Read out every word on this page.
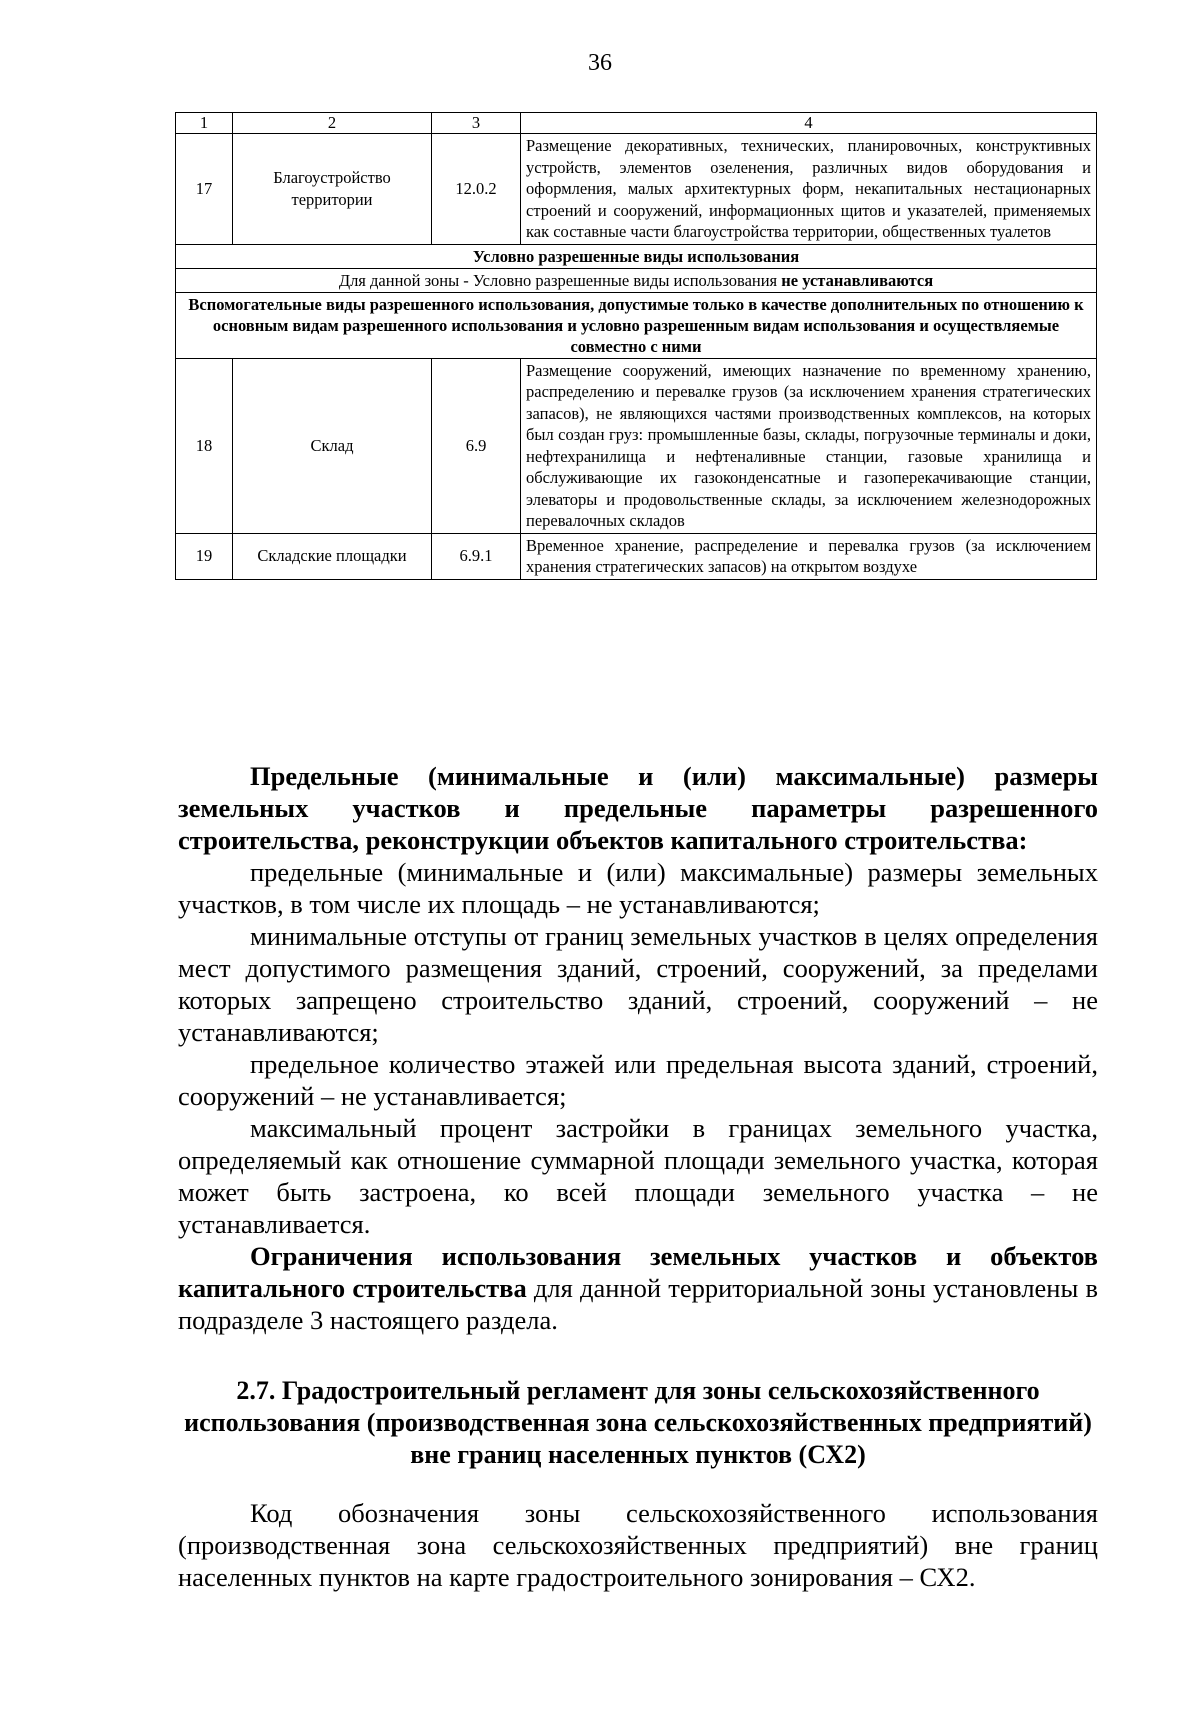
36
1	2	3	4
17	Благоустройство территории	12.0.2	Размещение декоративных, технических, планировочных, конструктивных устройств, элементов озеленения, различных видов оборудования и оформления, малых архитектурных форм, некапитальных нестационарных строений и сооружений, информационных щитов и указателей, применяемых как составные части благоустройства территории, общественных туалетов
Условно разрешенные виды использования			
Для данной зоны - Условно разрешенные виды использования не устанавливаются			
Вспомогательные виды разрешенного использования, допустимые только в качестве дополнительных по отношению к основным видам разрешенного использования и условно разрешенным видам использования и осуществляемые совместно с ними			
18	Склад	6.9	Размещение сооружений, имеющих назначение по временному хранению, распределению и перевалке грузов (за исключением хранения стратегических запасов), не являющихся частями производственных комплексов, на которых был создан груз: промышленные базы, склады, погрузочные терминалы и доки, нефтехранилища и нефтеналивные станции, газовые хранилища и обслуживающие их газоконденсатные и газоперекачивающие станции, элеваторы и продовольственные склады, за исключением железнодорожных перевалочных складов
19	Складские площадки	6.9.1	Временное хранение, распределение и перевалка грузов (за исключением хранения стратегических запасов) на открытом воздухе

Предельные (минимальные и (или) максимальные) размеры земельных участков и предельные параметры разрешенного строительства, реконструкции объектов капитального строительства:

предельные (минимальные и (или) максимальные) размеры земельных участков, в том числе их площадь – не устанавливаются;

минимальные отступы от границ земельных участков в целях определения мест допустимого размещения зданий, строений, сооружений, за пределами которых запрещено строительство зданий, строений, сооружений – не устанавливаются;

предельное количество этажей или предельная высота зданий, строений, сооружений – не устанавливается;

максимальный процент застройки в границах земельного участка, определяемый как отношение суммарной площади земельного участка, которая может быть застроена, ко всей площади земельного участка – не устанавливается.

Ограничения использования земельных участков и объектов капитального строительства для данной территориальной зоны установлены в подразделе 3 настоящего раздела.

2.7. Градостроительный регламент для зоны сельскохозяйственного использования (производственная зона сельскохозяйственных предприятий) вне границ населенных пунктов (СХ2)

Код обозначения зоны сельскохозяйственного использования (производственная зона сельскохозяйственных предприятий) вне границ населенных пунктов на карте градостроительного зонирования – СХ2.
